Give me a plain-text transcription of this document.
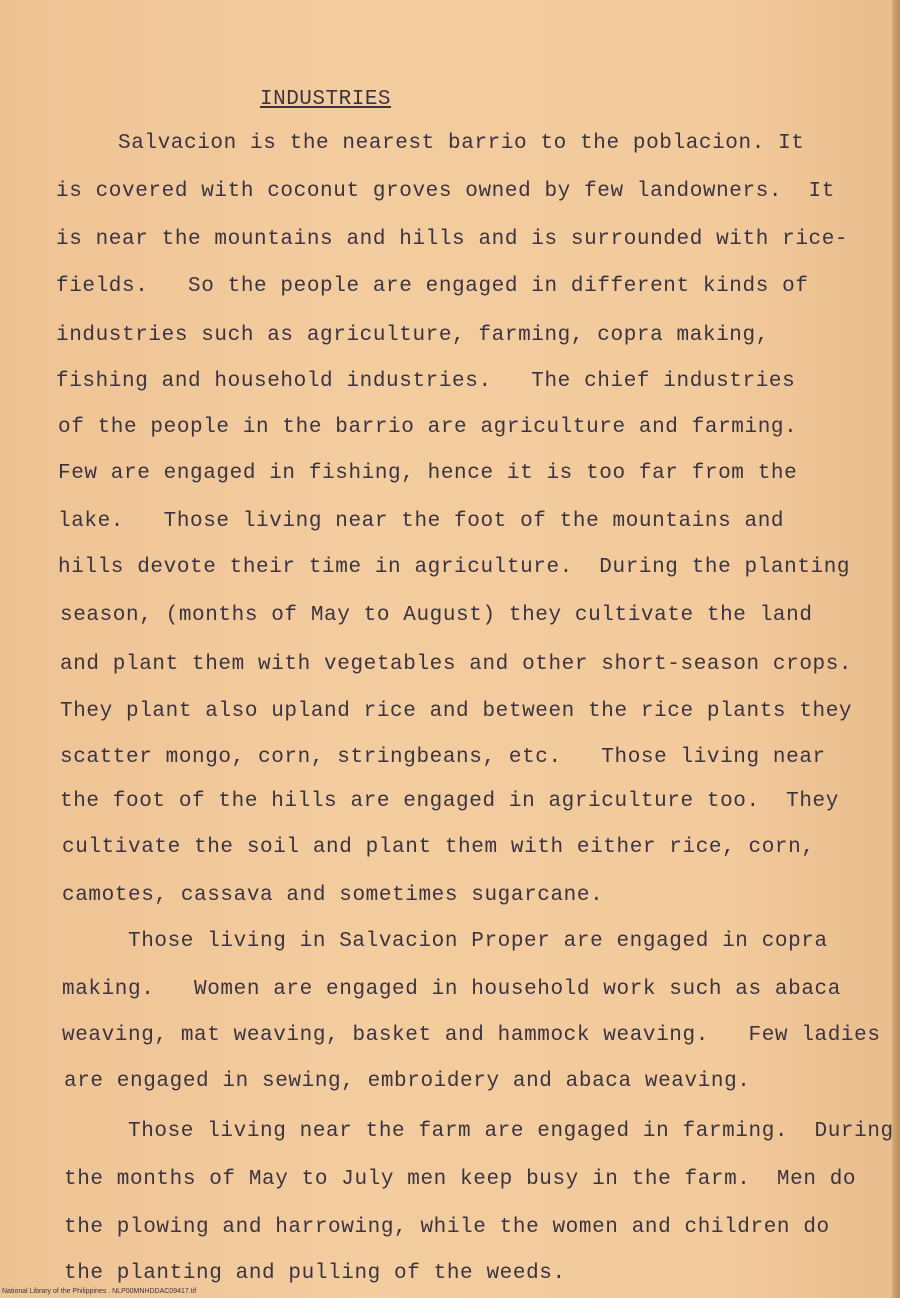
INDUSTRIES
Salvacion is the nearest barrio to the poblacion. It
is covered with coconut groves owned by few landowners.  It
is near the mountains and hills and is surrounded with rice-
fields.   So the people are engaged in different kinds of
industries such as agriculture, farming, copra making,
fishing and household industries.   The chief industries
of the people in the barrio are agriculture and farming.
Few are engaged in fishing, hence it is too far from the
lake.   Those living near the foot of the mountains and
hills devote their time in agriculture.  During the planting
season, (months of May to August) they cultivate the land
and plant them with vegetables and other short-season crops.
They plant also upland rice and between the rice plants they
scatter mongo, corn, stringbeans, etc.   Those living near
the foot of the hills are engaged in agriculture too.  They
cultivate the soil and plant them with either rice, corn,
camotes, cassava and sometimes sugarcane.
Those living in Salvacion Proper are engaged in copra
making.   Women are engaged in household work such as abaca
weaving, mat weaving, basket and hammock weaving.   Few ladies
are engaged in sewing, embroidery and abaca weaving.
Those living near the farm are engaged in farming.  During
the months of May to July men keep busy in the farm.  Men do
the plowing and harrowing, while the women and children do
the planting and pulling of the weeds.
National Library of the Philippines . NLP00MNHDDAC09417.tif
